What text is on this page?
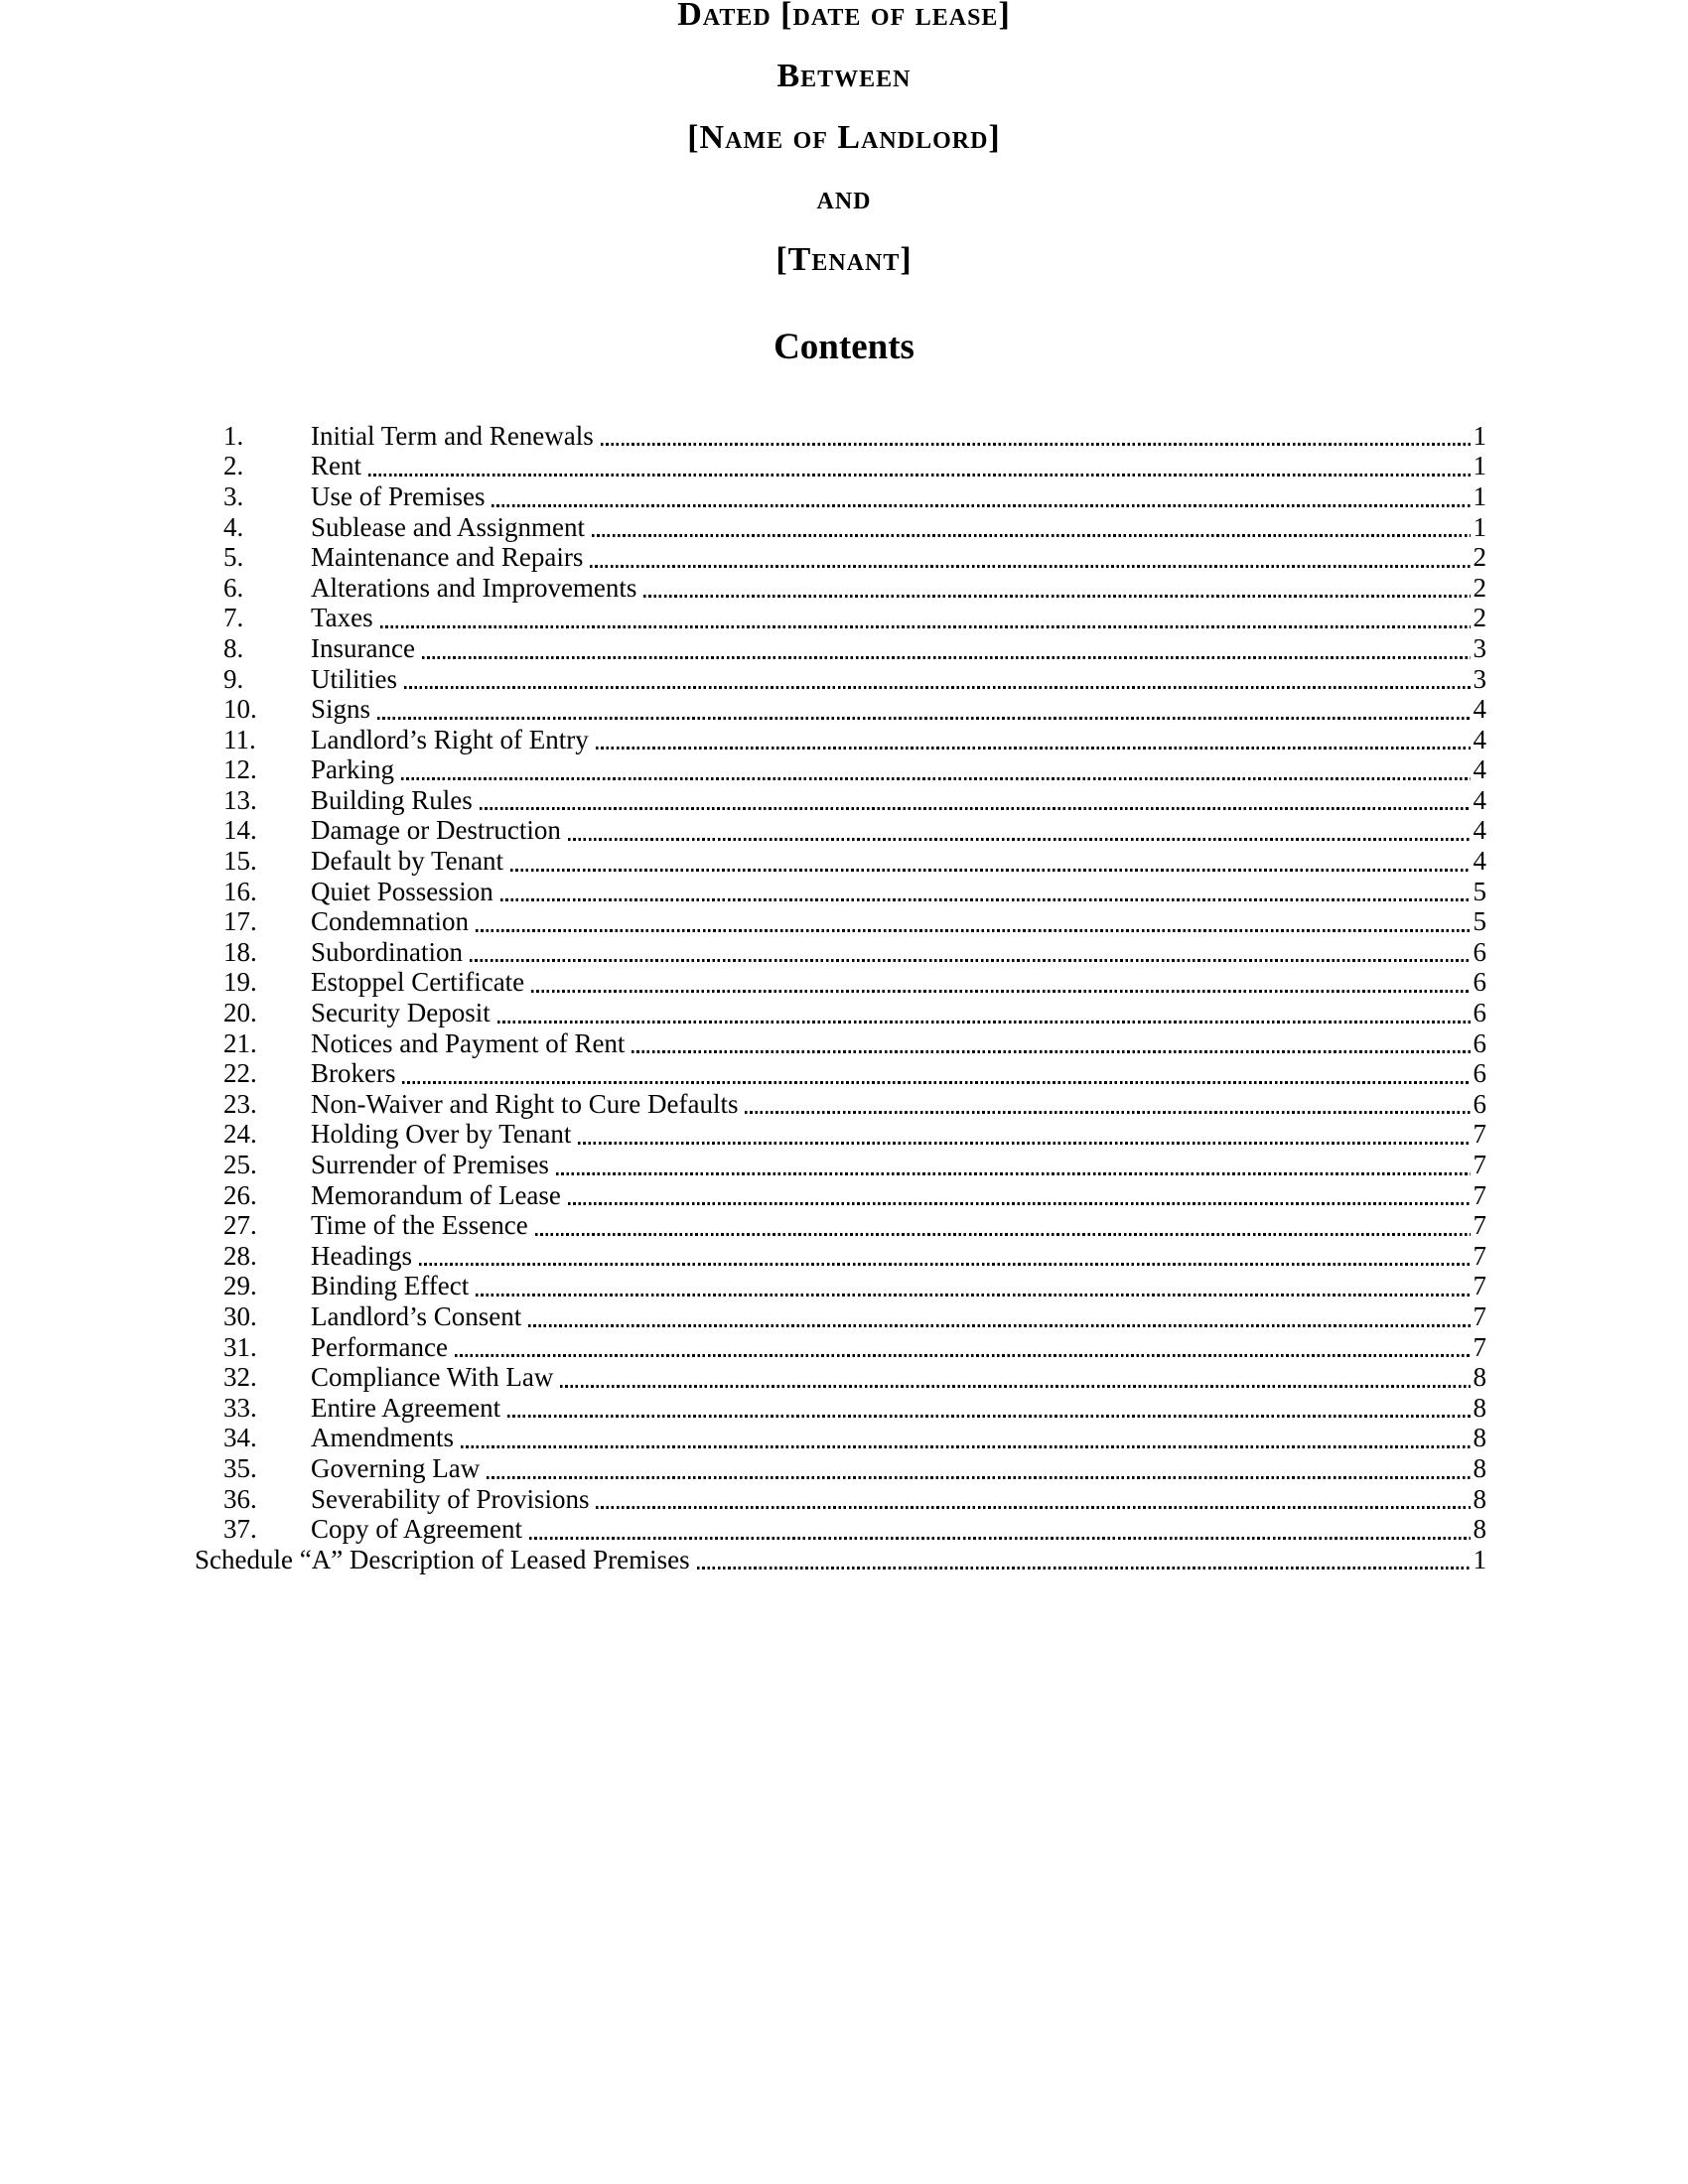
Dated [date of lease]
Between
[Name of Landlord]
and
[Tenant]
Contents
1.	Initial Term and Renewals	1
2.	Rent	1
3.	Use of Premises	1
4.	Sublease and Assignment	1
5.	Maintenance and Repairs	2
6.	Alterations and Improvements	2
7.	Taxes	2
8.	Insurance	3
9.	Utilities	3
10.	Signs	4
11.	Landlord’s Right of Entry	4
12.	Parking	4
13.	Building Rules	4
14.	Damage or Destruction	4
15.	Default by Tenant	4
16.	Quiet Possession	5
17.	Condemnation	5
18.	Subordination	6
19.	Estoppel Certificate	6
20.	Security Deposit	6
21.	Notices and Payment of Rent	6
22.	Brokers	6
23.	Non-Waiver and Right to Cure Defaults	6
24.	Holding Over by Tenant	7
25.	Surrender of Premises	7
26.	Memorandum of Lease	7
27.	Time of the Essence	7
28.	Headings	7
29.	Binding Effect	7
30.	Landlord’s Consent	7
31.	Performance	7
32.	Compliance With Law	8
33.	Entire Agreement	8
34.	Amendments	8
35.	Governing Law	8
36.	Severability of Provisions	8
37.	Copy of Agreement	8
Schedule “A” Description of Leased Premises	1
